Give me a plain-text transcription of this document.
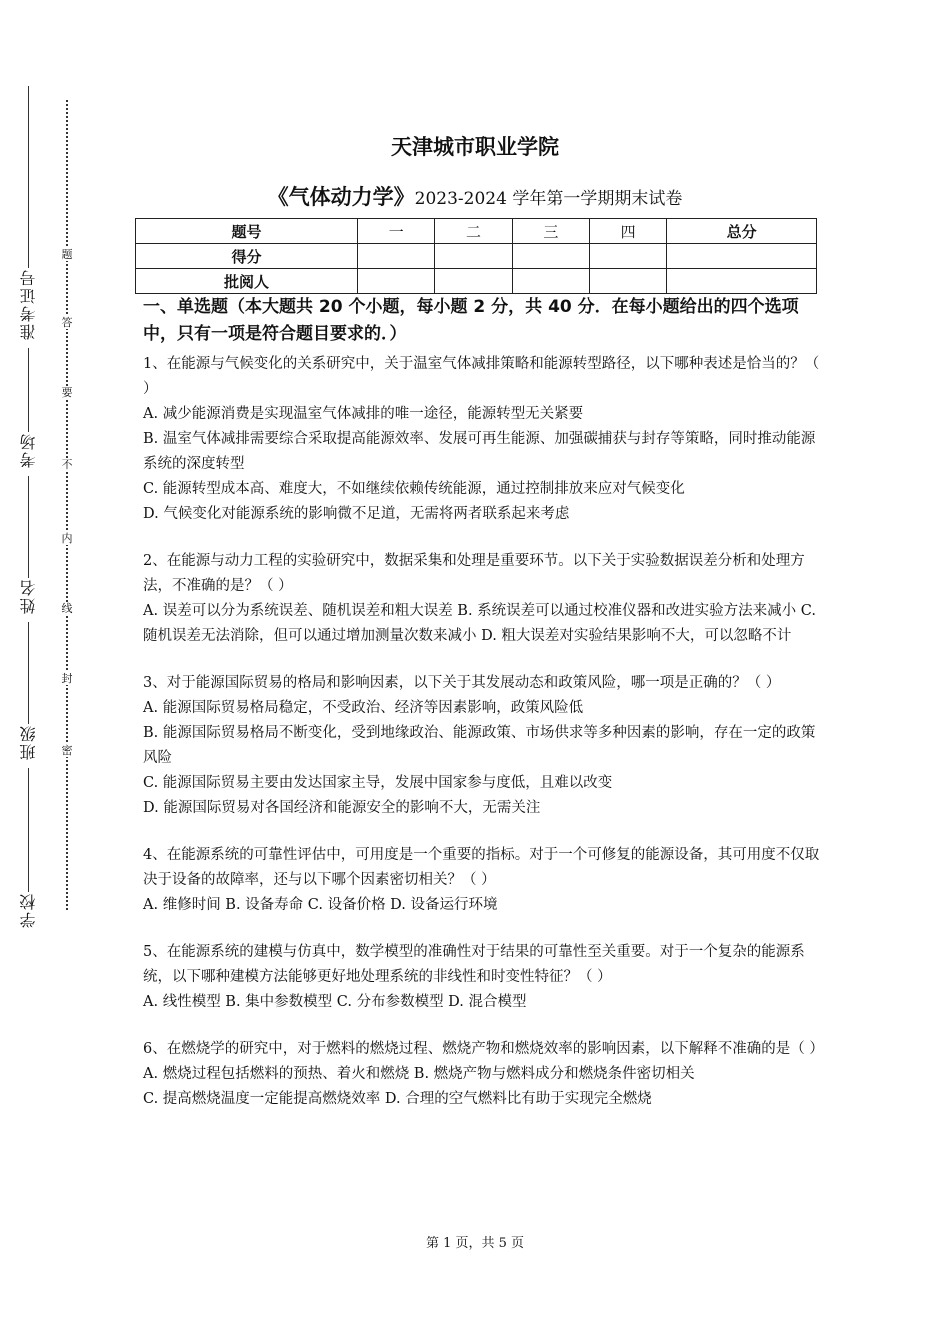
准考证号
考场
姓名
班级
学校
题
答
要
不
内
线
封
密
天津城市职业学院
《气体动力学》2023-2024 学年第一学期期末试卷
题号	一	二	三	四	总分
得分					
批阅人					
一、单选题（本大题共 20 个小题，每小题 2 分，共 40 分．在每小题给出的四个选项中，只有一项是符合题目要求的．）
1、在能源与气候变化的关系研究中，关于温室气体减排策略和能源转型路径，以下哪种表述是恰当的？（ ）
A. 减少能源消费是实现温室气体减排的唯一途径，能源转型无关紧要
B. 温室气体减排需要综合采取提高能源效率、发展可再生能源、加强碳捕获与封存等策略，同时推动能源系统的深度转型
C. 能源转型成本高、难度大，不如继续依赖传统能源，通过控制排放来应对气候变化
D. 气候变化对能源系统的影响微不足道，无需将两者联系起来考虑
2、在能源与动力工程的实验研究中，数据采集和处理是重要环节。以下关于实验数据误差分析和处理方法，不准确的是？（ ）
A. 误差可以分为系统误差、随机误差和粗大误差 B. 系统误差可以通过校准仪器和改进实验方法来减小 C. 随机误差无法消除，但可以通过增加测量次数来减小 D. 粗大误差对实验结果影响不大，可以忽略不计
3、对于能源国际贸易的格局和影响因素，以下关于其发展动态和政策风险，哪一项是正确的？（ ）
A. 能源国际贸易格局稳定，不受政治、经济等因素影响，政策风险低
B. 能源国际贸易格局不断变化，受到地缘政治、能源政策、市场供求等多种因素的影响，存在一定的政策风险
C. 能源国际贸易主要由发达国家主导，发展中国家参与度低，且难以改变
D. 能源国际贸易对各国经济和能源安全的影响不大，无需关注
4、在能源系统的可靠性评估中，可用度是一个重要的指标。对于一个可修复的能源设备，其可用度不仅取决于设备的故障率，还与以下哪个因素密切相关？（ ）
A. 维修时间 B. 设备寿命 C. 设备价格 D. 设备运行环境
5、在能源系统的建模与仿真中，数学模型的准确性对于结果的可靠性至关重要。对于一个复杂的能源系统，以下哪种建模方法能够更好地处理系统的非线性和时变性特征？（ ）
A. 线性模型 B. 集中参数模型 C. 分布参数模型 D. 混合模型
6、在燃烧学的研究中，对于燃料的燃烧过程、燃烧产物和燃烧效率的影响因素，以下解释不准确的是（ ）
A. 燃烧过程包括燃料的预热、着火和燃烧 B. 燃烧产物与燃料成分和燃烧条件密切相关
C. 提高燃烧温度一定能提高燃烧效率 D. 合理的空气燃料比有助于实现完全燃烧
第 1 页，共 5 页
